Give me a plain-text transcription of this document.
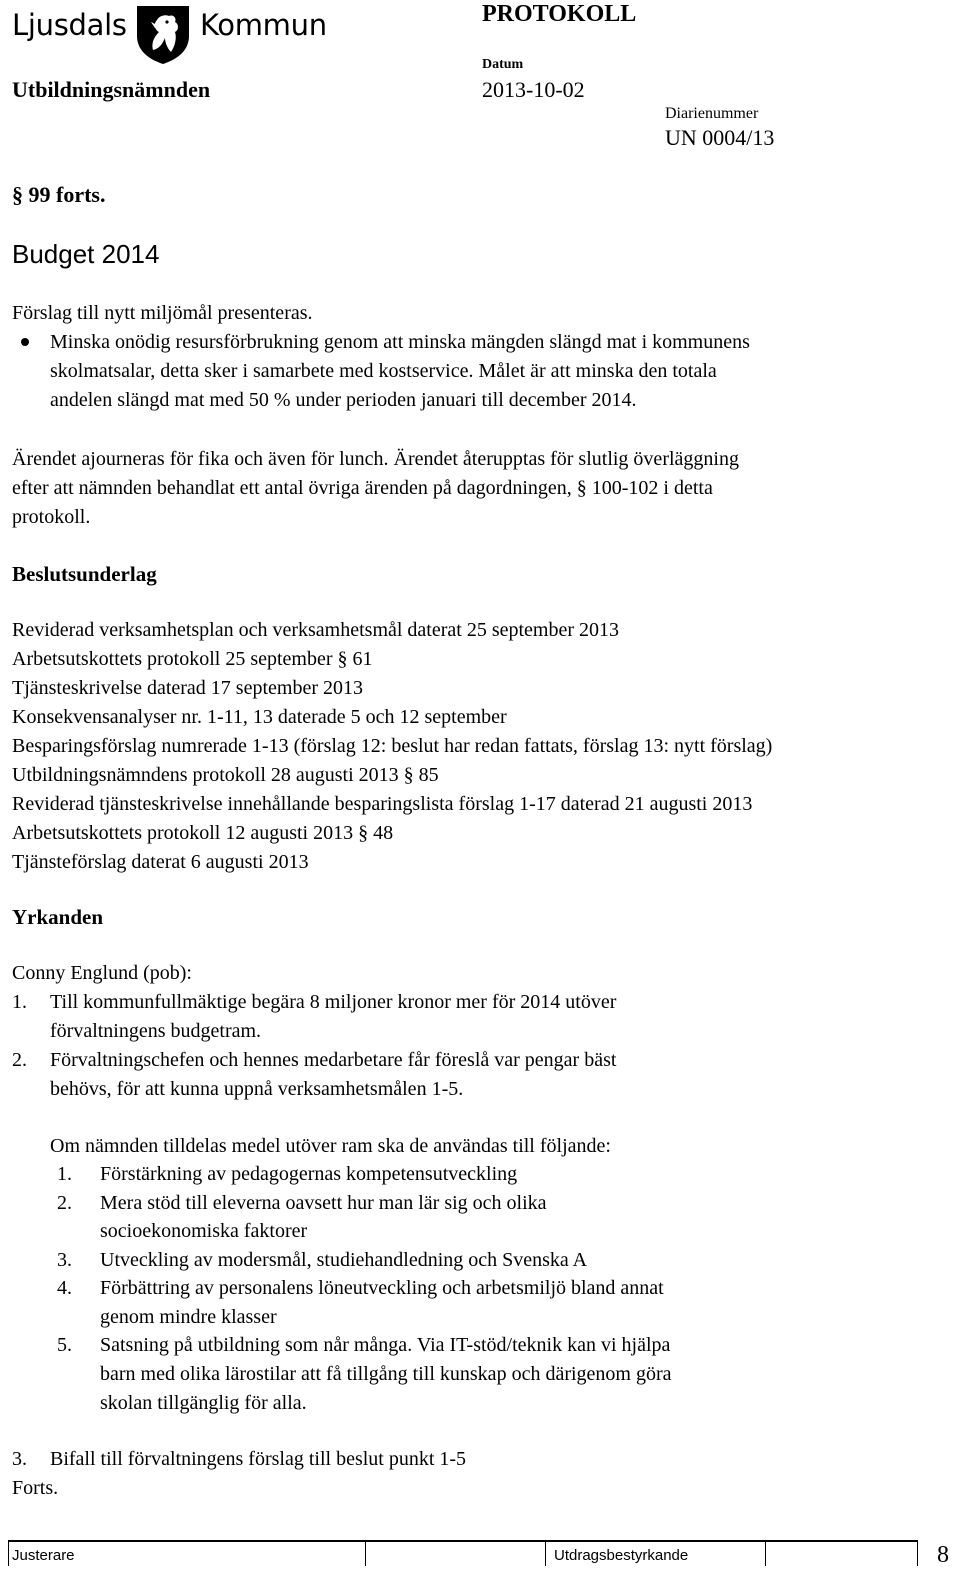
Ljusdals	Kommun	PROTOKOLL
Utbildningsnämnden
Datum
2013-10-02
Diarienummer
UN 0004/13
§ 99 forts.
Budget 2014
Förslag till nytt miljömål presenteras.
Minska onödig resursförbrukning genom att minska mängden slängd mat i kommunens
skolmatsalar, detta sker i samarbete med kostservice. Målet är att minska den totala
andelen slängd mat med 50 % under perioden januari till december 2014.
Ärendet ajourneras för fika och även för lunch. Ärendet återupptas för slutlig överläggning
efter att nämnden behandlat ett antal övriga ärenden på dagordningen, § 100-102 i detta
protokoll.
Beslutsunderlag
Reviderad verksamhetsplan och verksamhetsmål daterat 25 september 2013
Arbetsutskottets protokoll 25 september § 61
Tjänsteskrivelse daterad 17 september 2013
Konsekvensanalyser nr. 1-11, 13 daterade 5 och 12 september
Besparingsförslag numrerade 1-13 (förslag 12: beslut har redan fattats, förslag 13: nytt förslag)
Utbildningsnämndens protokoll 28 augusti 2013 § 85
Reviderad tjänsteskrivelse innehållande besparingslista förslag 1-17 daterad 21 augusti 2013
Arbetsutskottets protokoll 12 augusti 2013 § 48
Tjänsteförslag daterat 6 augusti 2013
Yrkanden
Conny Englund (pob):
1. Till kommunfullmäktige begära 8 miljoner kronor mer för 2014 utöver
förvaltningens budgetram.
2. Förvaltningschefen och hennes medarbetare får föreslå var pengar bäst
behövs, för att kunna uppnå verksamhetsmålen 1-5.
Om nämnden tilldelas medel utöver ram ska de användas till följande:
1. Förstärkning av pedagogernas kompetensutveckling
2. Mera stöd till eleverna oavsett hur man lär sig och olika
socioekonomiska faktorer
3. Utveckling av modersmål, studiehandledning och Svenska A
4. Förbättring av personalens löneutveckling och arbetsmiljö bland annat
genom mindre klasser
5. Satsning på utbildning som når många. Via IT-stöd/teknik kan vi hjälpa
barn med olika lärostilar att få tillgång till kunskap och därigenom göra
skolan tillgänglig för alla.
3. Bifall till förvaltningens förslag till beslut punkt 1-5
Forts.
Justerare	Utdragsbestyrkande	8
